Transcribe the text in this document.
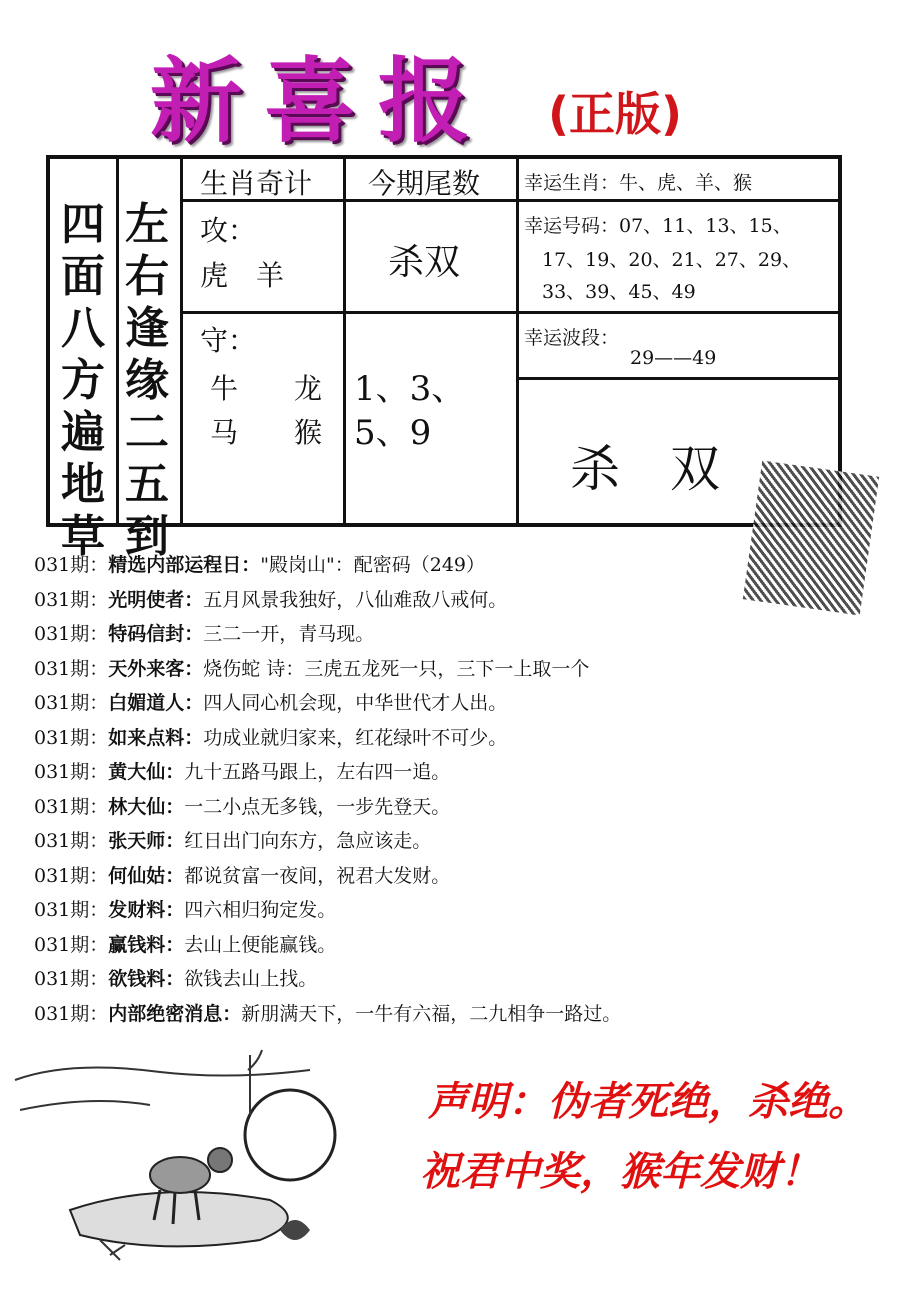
新喜报 (正版)
四面八方遍地草
左右逢缘二五到
生肖奇计 今期尾数 幸运生肖：牛、虎、羊、猴
攻：
虎　羊	杀双
幸运号码：07、11、13、15、
17、19、20、21、27、29、
33、39、45、49
守：
牛　　龙
马　　猴
1、3、5、9
幸运波段：
29——49
杀　双
031期：精选内部运程日："殿岗山"：配密码（249）
031期：光明使者：五月风景我独好，八仙难敌八戒何。
031期：特码信封：三二一开，青马现。
031期：天外来客：烧伤蛇 诗：三虎五龙死一只，三下一上取一个
031期：白媚道人：四人同心机会现，中华世代才人出。
031期：如来点料：功成业就归家来，红花绿叶不可少。
031期：黄大仙：九十五路马跟上，左右四一追。
031期：林大仙：一二小点无多钱，一步先登天。
031期：张天师：红日出门向东方，急应该走。
031期：何仙姑：都说贫富一夜间，祝君大发财。
031期：发财料：四六相归狗定发。
031期：赢钱料：去山上便能赢钱。
031期：欲钱料：欲钱去山上找。
031期：内部绝密消息：新朋满天下，一牛有六福，二九相争一路过。
声明：伪者死绝，杀绝。
祝君中奖，猴年发财！
